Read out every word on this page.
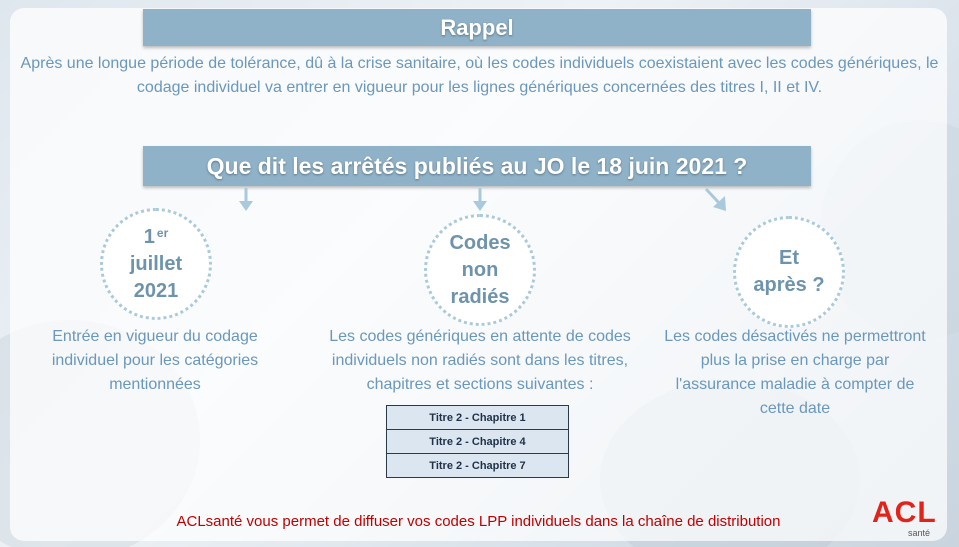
Rappel

Après une longue période de tolérance, dû à la crise sanitaire, où les codes individuels coexistaient avec les codes génériques, le codage individuel va entrer en vigueur pour les lignes génériques concernées des titres I, II et IV.

Que dit les arrêtés publiés au JO le 18 juin 2021 ?
1 $^{er}$
juillet
2021
Codes
non
radiés
Et
après ?

Entrée en vigueur du codage individuel pour les catégories mentionnées

Les codes génériques en attente de codes individuels non radiés sont dans les titres, chapitres et sections suivantes :

Les codes désactivés ne permettront plus la prise en charge par l'assurance maladie à compter de cette date

Titre 2 - Chapitre 1
Titre 2 - Chapitre 4
Titre 2 - Chapitre 7

ACLsanté vous permet de diffuser vos codes LPP individuels dans la chaîne de distribution	ACL
santé
